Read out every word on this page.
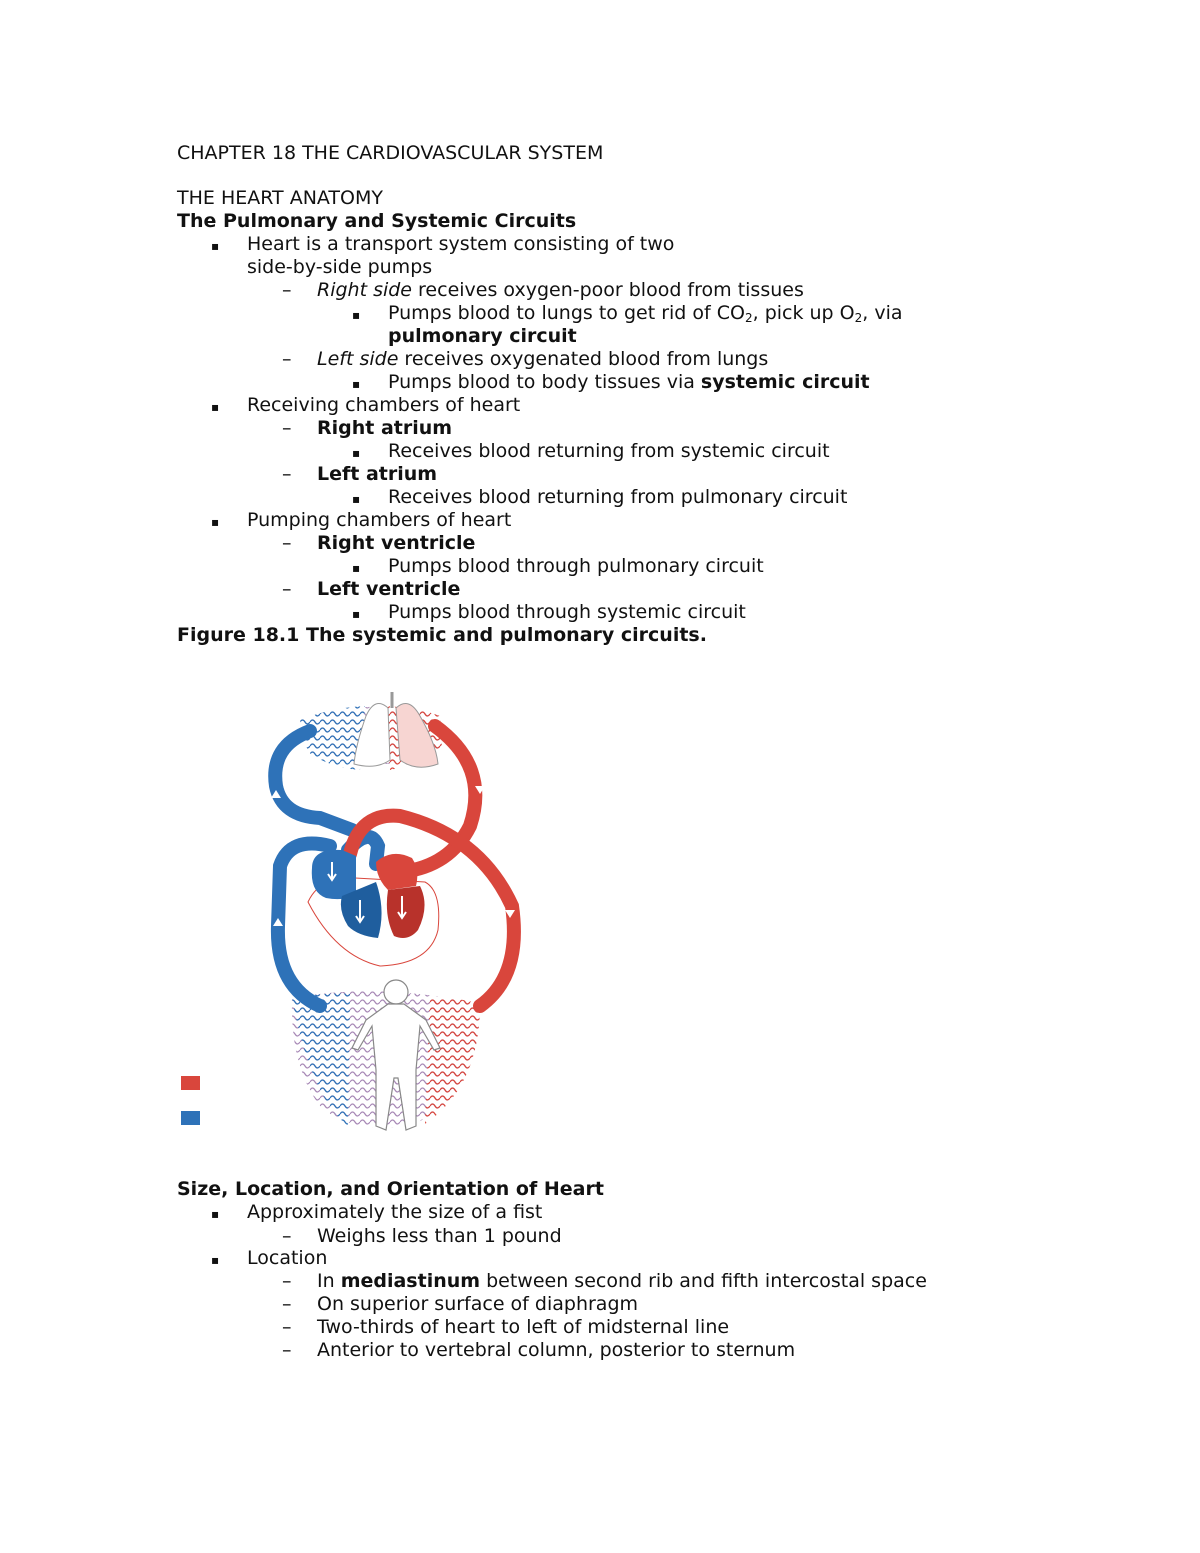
CHAPTER 18 THE CARDIOVASCULAR SYSTEM
THE HEART ANATOMY
The Pulmonary and Systemic Circuits
▪ Heart is a transport system consisting of two
side-by-side pumps
– Right side receives oxygen-poor blood from tissues
▪ Pumps blood to lungs to get rid of $CO_2$, pick up $O_2$, via
pulmonary circuit
– Left side receives oxygenated blood from lungs
▪ Pumps blood to body tissues via systemic circuit
▪ Receiving chambers of heart
– Right atrium
▪ Receives blood returning from systemic circuit
– Left atrium
▪ Receives blood returning from pulmonary circuit
▪ Pumping chambers of heart
– Right ventricle
▪ Pumps blood through pulmonary circuit
– Left ventricle
▪ Pumps blood through systemic circuit
Figure 18.1 The systemic and pulmonary circuits.
Size, Location, and Orientation of Heart
▪ Approximately the size of a fist
– Weighs less than 1 pound
▪ Location
– In mediastinum between second rib and fifth intercostal space
– On superior surface of diaphragm
– Two-thirds of heart to left of midsternal line
– Anterior to vertebral column, posterior to sternum
